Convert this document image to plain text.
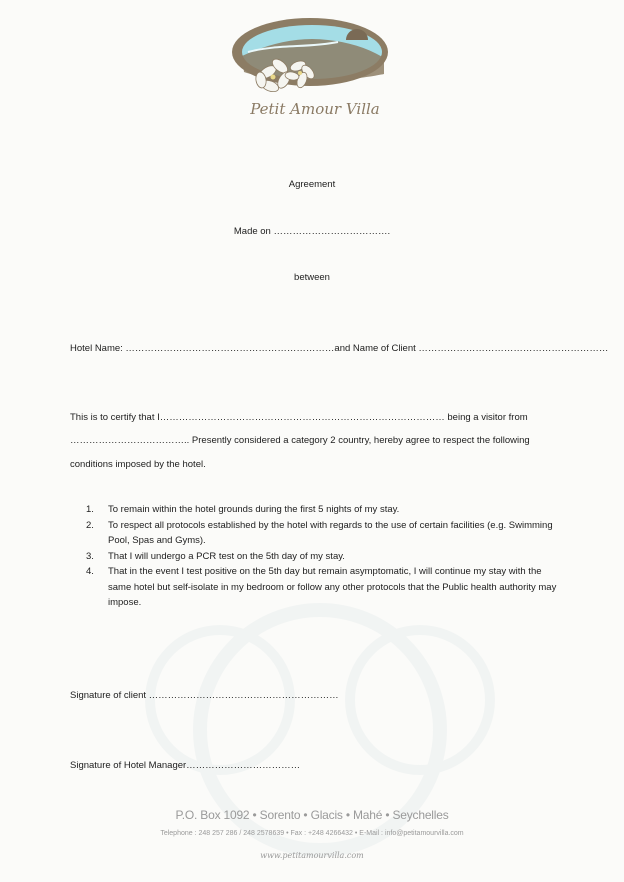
Petit Amour Villa
Agreement
Made on ……………………………….
between
Hotel Name: …………………………………………………………and Name of Client ……………………………………………………
This is to certify that I……………………………………………………………………………… being a visitor from
……………………………….. Presently considered a category 2 country, hereby agree to respect the following
conditions imposed by the hotel.
1.	To remain within the hotel grounds during the first 5 nights of my stay.
2.	To respect all protocols established by the hotel with regards to the use of certain facilities (e.g. Swimming Pool, Spas and Gyms).
3.	That I will undergo a PCR test on the 5th day of my stay.
4.	That in the event I test positive on the 5th day but remain asymptomatic, I will continue my stay with the same hotel but self-isolate in my bedroom or follow any other protocols that the Public health authority may impose.
Signature of client ……………………………………………………
Signature of Hotel Manager………………………………
P.O. Box 1092 • Sorento • Glacis • Mahé • Seychelles
Telephone : 248 257 286 / 248 2578639 • Fax : +248 4266432 • E-Mail : info@petitamourvilla.com
www.petitamourvilla.com
